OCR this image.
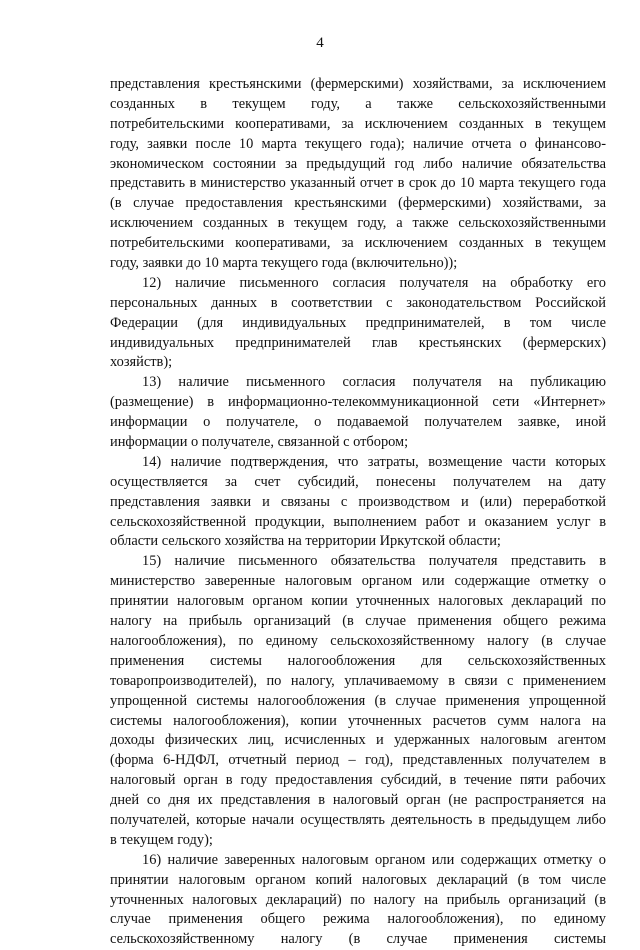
4
представления крестьянскими (фермерскими) хозяйствами, за исключением
созданных в текущем году, а также сельскохозяйственными
потребительскими кооперативами, за исключением созданных в текущем
году, заявки после 10 марта текущего года); наличие отчета о финансово-
экономическом состоянии за предыдущий год либо наличие обязательства
представить в министерство указанный отчет в срок до 10 марта текущего года
(в случае предоставления крестьянскими (фермерскими) хозяйствами, за
исключением созданных в текущем году, а также сельскохозяйственными
потребительскими кооперативами, за исключением созданных в текущем
году, заявки до 10 марта текущего года (включительно));
12) наличие письменного согласия получателя на обработку его
персональных данных в соответствии с законодательством Российской
Федерации (для индивидуальных предпринимателей, в том числе
индивидуальных предпринимателей глав крестьянских (фермерских)
хозяйств);
13) наличие письменного согласия получателя на публикацию
(размещение) в информационно-телекоммуникационной сети «Интернет»
информации о получателе, о подаваемой получателем заявке, иной
информации о получателе, связанной с отбором;
14) наличие подтверждения, что затраты, возмещение части которых
осуществляется за счет субсидий, понесены получателем на дату
представления заявки и связаны с производством и (или) переработкой
сельскохозяйственной продукции, выполнением работ и оказанием услуг в
области сельского хозяйства на территории Иркутской области;
15) наличие письменного обязательства получателя представить в
министерство заверенные налоговым органом или содержащие отметку о
принятии налоговым органом копии уточненных налоговых деклараций по
налогу на прибыль организаций (в случае применения общего режима
налогообложения), по единому сельскохозяйственному налогу (в случае
применения системы налогообложения для сельскохозяйственных
товаропроизводителей), по налогу, уплачиваемому в связи с применением
упрощенной системы налогообложения (в случае применения упрощенной
системы налогообложения), копии уточненных расчетов сумм налога на
доходы физических лиц, исчисленных и удержанных налоговым агентом
(форма 6-НДФЛ, отчетный период – год), представленных получателем в
налоговый орган в году предоставления субсидий, в течение пяти рабочих
дней со дня их представления в налоговый орган (не распространяется на
получателей, которые начали осуществлять деятельность в предыдущем либо
в текущем году);
16) наличие заверенных налоговым органом или содержащих отметку о
принятии налоговым органом копий налоговых деклараций (в том числе
уточненных налоговых деклараций) по налогу на прибыль организаций (в
случае применения общего режима налогообложения), по единому
сельскохозяйственному налогу (в случае применения системы
